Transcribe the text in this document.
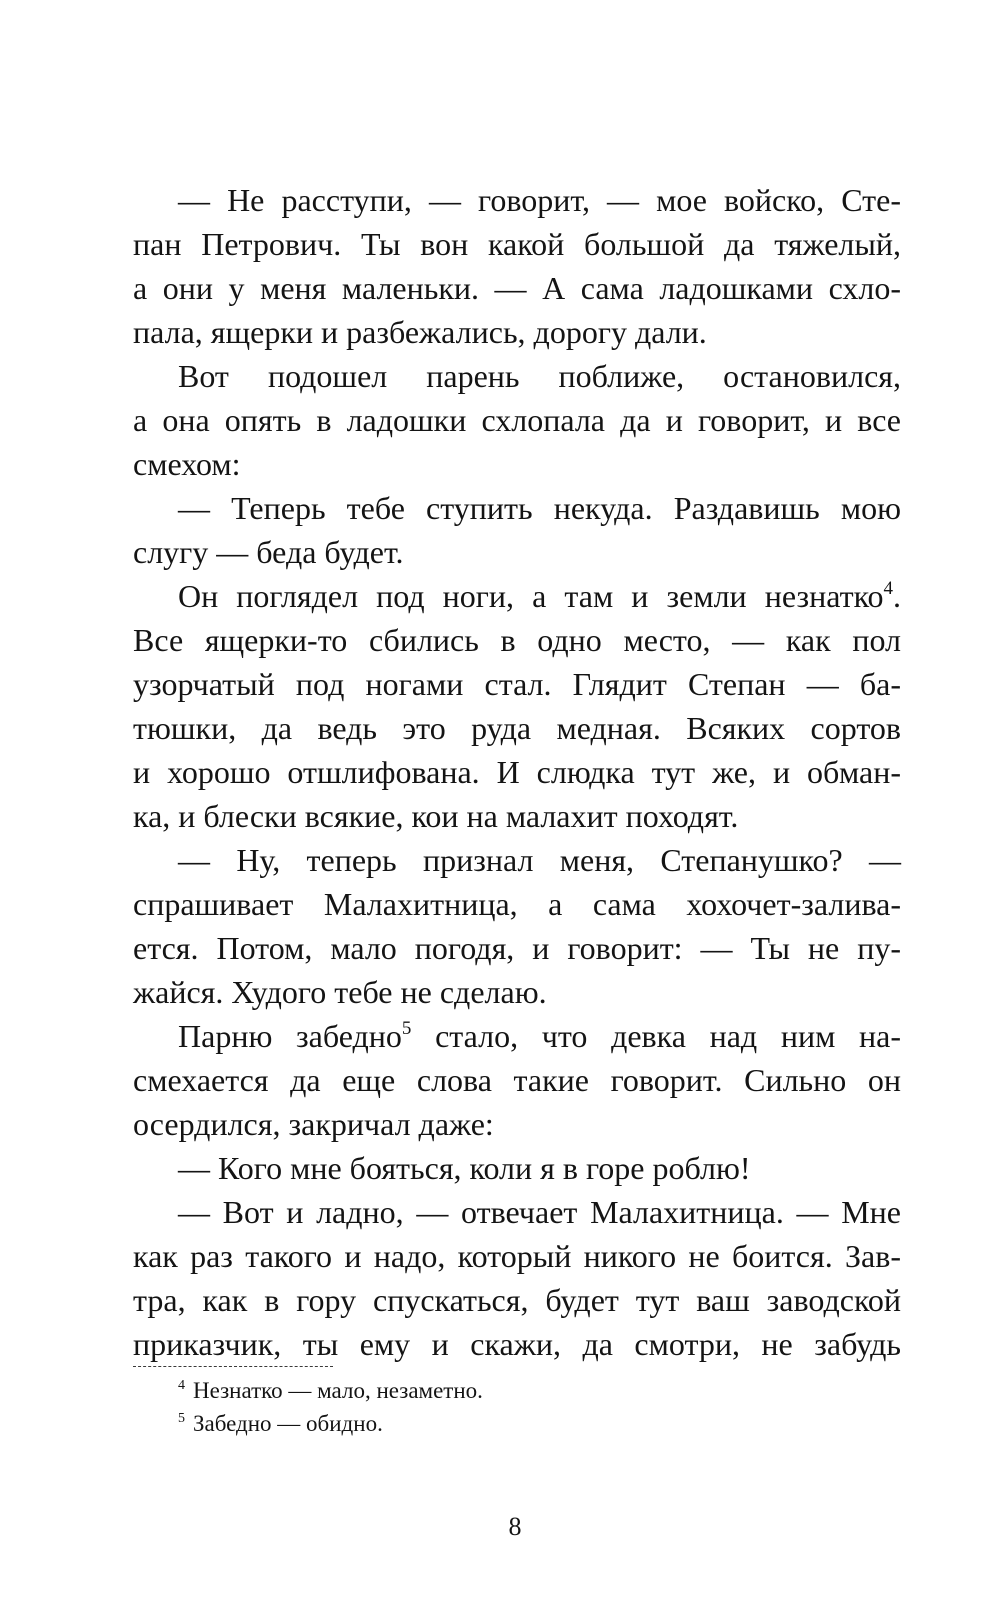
— Не расступи, — говорит, — мое войско, Сте-
пан Петрович. Ты вон какой большой да тяжелый,
а они у меня маленьки. — А сама ладошками схло-
пала, ящерки и разбежались, дорогу дали.
Вот подошел парень поближе, остановился,
а она опять в ладошки схлопала да и говорит, и все
смехом:
— Теперь тебе ступить некуда. Раздавишь мою
слугу — беда будет.
Он поглядел под ноги, а там и земли незнатко$^4$.
Все ящерки-то сбились в одно место, — как пол
узорчатый под ногами стал. Глядит Степан — ба-
тюшки, да ведь это руда медная. Всяких сортов
и хорошо отшлифована. И слюдка тут же, и обман-
ка, и блески всякие, кои на малахит походят.
— Ну, теперь признал меня, Степанушко? —
спрашивает Малахитница, а сама хохочет-залива-
ется. Потом, мало погодя, и говорит: — Ты не пу-
жайся. Худого тебе не сделаю.
Парню забедно$^5$ стало, что девка над ним на-
смехается да еще слова такие говорит. Сильно он
осердился, закричал даже:
— Кого мне бояться, коли я в горе роблю!
— Вот и ладно, — отвечает Малахитница. — Мне
как раз такого и надо, который никого не боится. Зав-
тра, как в гору спускаться, будет тут ваш заводской
приказчик, ты ему и скажи, да смотри, не забудь
$^4$ Незнатко — мало, незаметно.
$^5$ Забедно — обидно.
8
